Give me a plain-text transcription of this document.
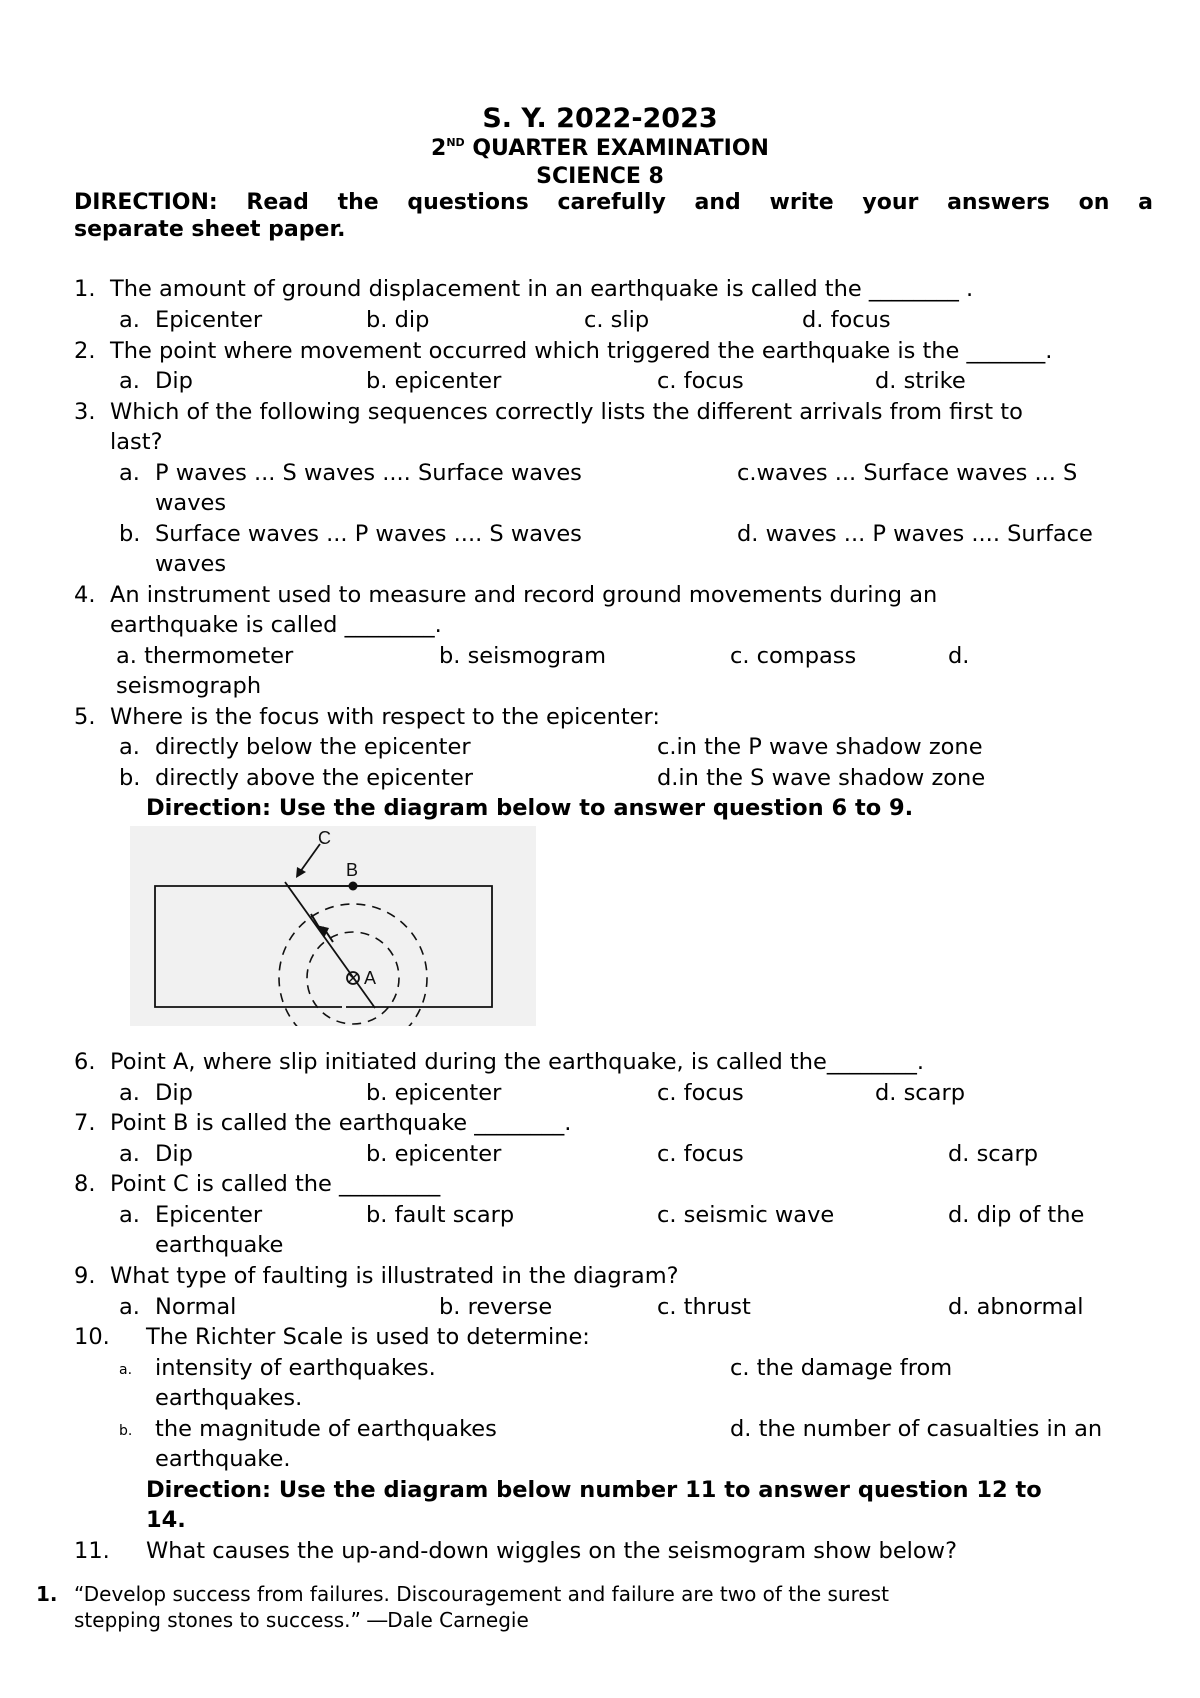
S. Y. 2022-2023
2ND QUARTER EXAMINATION
SCIENCE 8
DIRECTION: Read the questions carefully and write your answers on a
separate sheet paper.
1. The amount of ground displacement in an earthquake is called the ________ .
a. Epicenter	b. dip	c. slip	d. focus
2. The point where movement occurred which triggered the earthquake is the _______.
a. Dip	b. epicenter	c. focus	d. strike
3. Which of the following sequences correctly lists the different arrivals from first to
last?
a. P waves ... S waves .... Surface waves	c.waves ... Surface waves ... S
waves
b. Surface waves ... P waves .... S waves	d. waves ... P waves .... Surface
waves
4. An instrument used to measure and record ground movements during an
earthquake is called ________.
a. thermometer	b. seismogram	c. compass	d.
seismograph
5. Where is the focus with respect to the epicenter:
a. directly below the epicenter	c.in the P wave shadow zone
b. directly above the epicenter	d.in the S wave shadow zone
Direction: Use the diagram below to answer question 6 to 9.
C
B
A
6. Point A, where slip initiated during the earthquake, is called the________.
a. Dip	b. epicenter	c. focus	d. scarp
7. Point B is called the earthquake ________.
a. Dip	b. epicenter	c. focus	d. scarp
8. Point C is called the _________
a. Epicenter	b. fault scarp	c. seismic wave	d. dip of the
earthquake
9. What type of faulting is illustrated in the diagram?
a. Normal	b. reverse	c. thrust	d. abnormal
10. The Richter Scale is used to determine:
a. intensity of earthquakes.	c. the damage from
earthquakes.
b. the magnitude of earthquakes	d. the number of casualties in an
earthquake.
Direction: Use the diagram below number 11 to answer question 12 to
14.
11. What causes the up-and-down wiggles on the seismogram show below?
1. “Develop success from failures. Discouragement and failure are two of the surest
stepping stones to success.” ―Dale Carnegie
